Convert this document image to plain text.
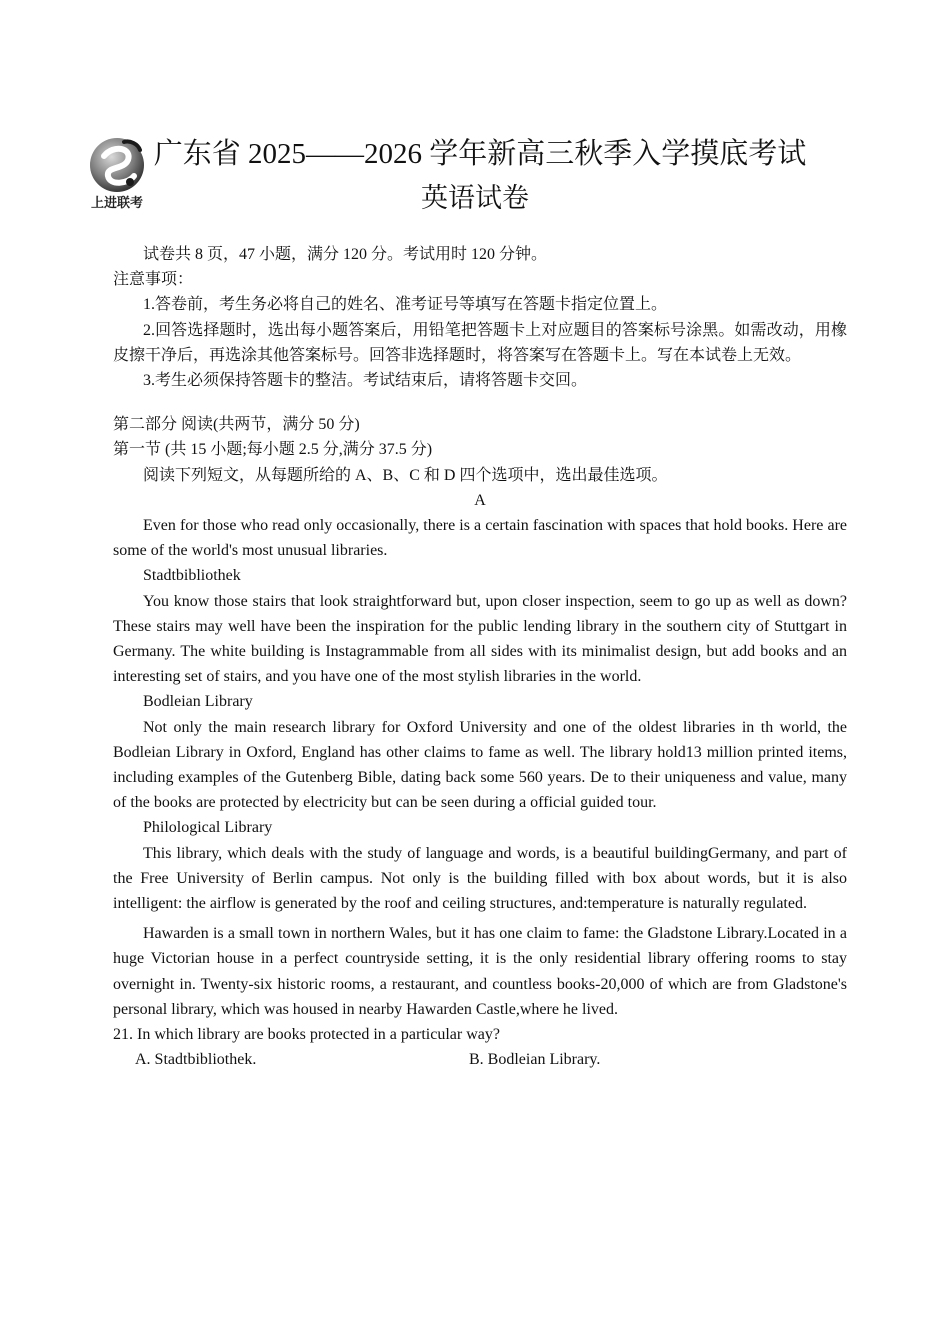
上进联考
广东省 2025——2026 学年新高三秋季入学摸底考试
英语试卷

试卷共 8 页，47 小题，满分 120 分。考试用时 120 分钟。

注意事项：

1.答卷前，考生务必将自己的姓名、准考证号等填写在答题卡指定位置上。

2.回答选择题时，选出每小题答案后，用铅笔把答题卡上对应题目的答案标号涂黑。如需改动，用橡皮擦干净后，再选涂其他答案标号。回答非选择题时，将答案写在答题卡上。写在本试卷上无效。

3.考生必须保持答题卡的整洁。考试结束后，请将答题卡交回。

第二部分 阅读(共两节，满分 50 分)

第一节 (共 15 小题;每小题 2.5 分,满分 37.5 分)

阅读下列短文，从每题所给的 A、B、C 和 D 四个选项中，选出最佳选项。

A

Even for those who read only occasionally, there is a certain fascination with spaces that hold books. Here are some of the world's most unusual libraries.

Stadtbibliothek

You know those stairs that look straightforward but, upon closer inspection, seem to go up as well as down? These stairs may well have been the inspiration for the public lending library in the southern city of Stuttgart in Germany. The white building is Instagrammable from all sides with its minimalist design, but add books and an interesting set of stairs, and you have one of the most stylish libraries in the world.

Bodleian Library

Not only the main research library for Oxford University and one of the oldest libraries in th world, the Bodleian Library in Oxford, England has other claims to fame as well. The library hold13 million printed items, including examples of the Gutenberg Bible, dating back some 560 years. De to their uniqueness and value, many of the books are protected by electricity but can be seen during a official guided tour.

Philological Library

This library, which deals with the study of language and words, is a beautiful buildingGermany, and part of the Free University of Berlin campus. Not only is the building filled with box about words, but it is also intelligent: the airflow is generated by the roof and ceiling structures, and:temperature is naturally regulated.

Hawarden is a small town in northern Wales, but it has one claim to fame: the Gladstone Library.Located in a huge Victorian house in a perfect countryside setting, it is the only residential library offering rooms to stay overnight in. Twenty-six historic rooms, a restaurant, and countless books-20,000 of which are from Gladstone's personal library, which was housed in nearby Hawarden Castle,where he lived.

21. In which library are books protected in a particular way?

A. Stadtbibliothek.	B. Bodleian Library.
